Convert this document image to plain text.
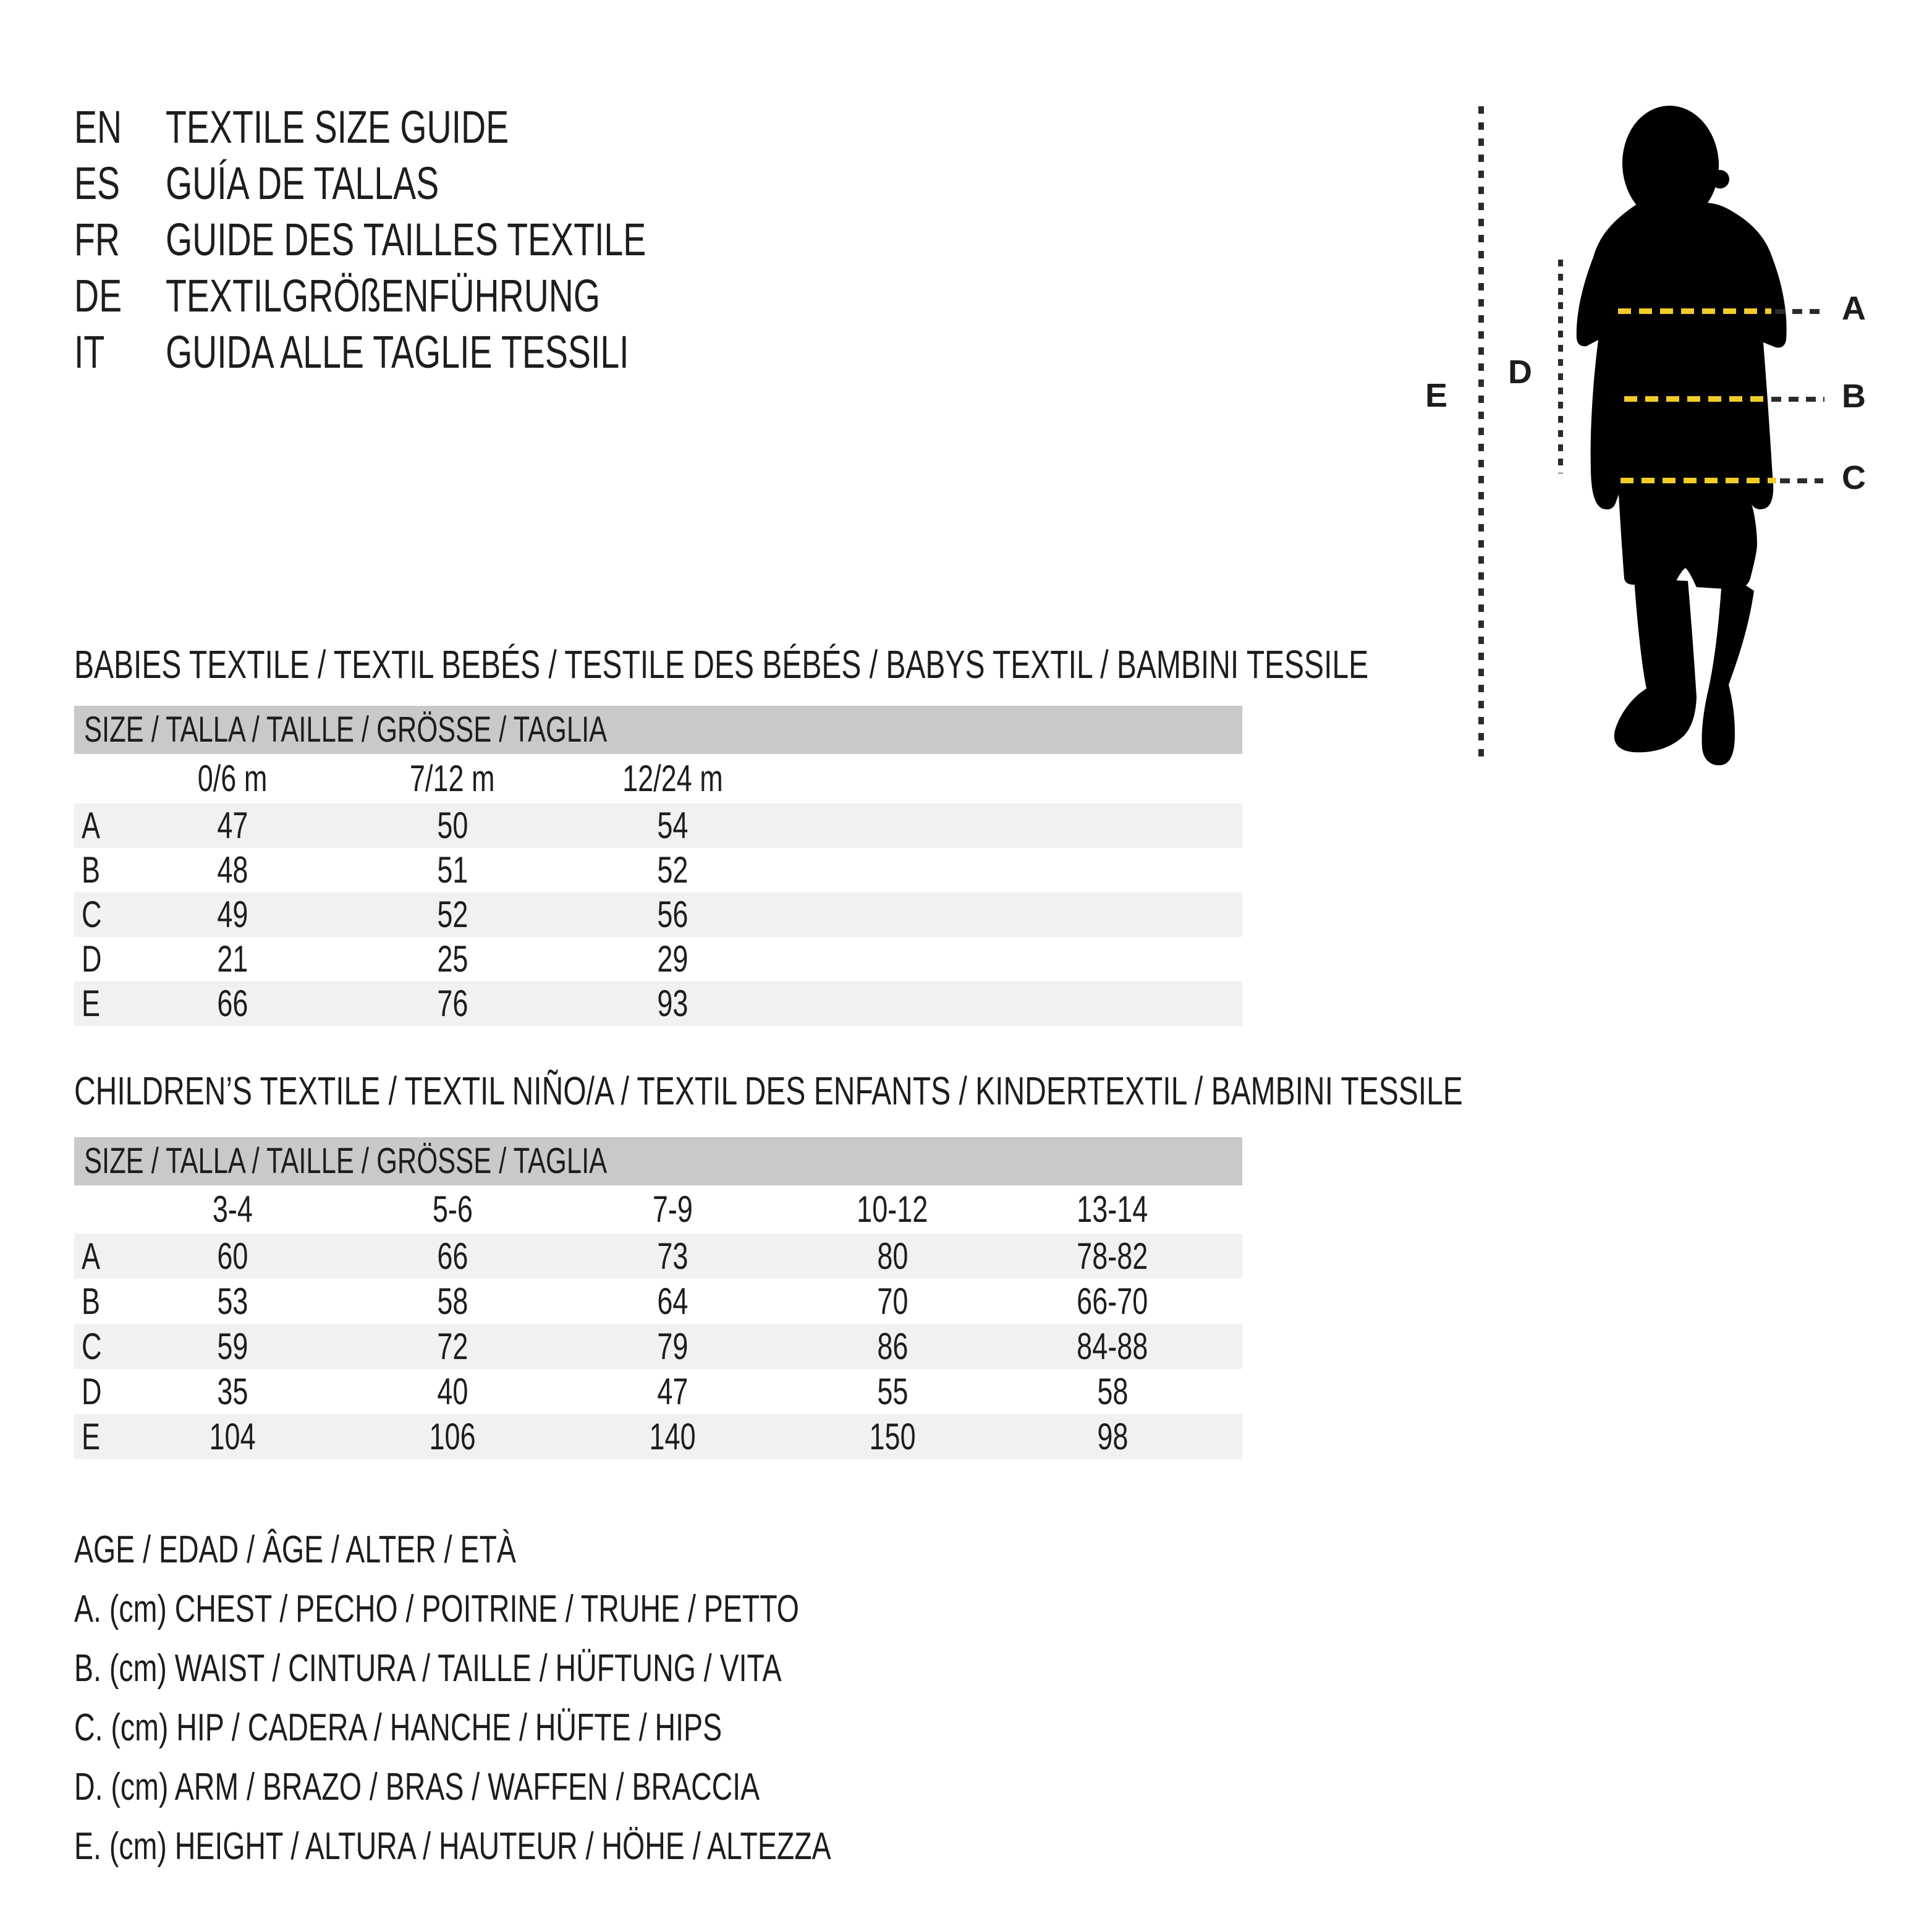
EN TEXTILE SIZE GUIDE
ES GUÍA DE TALLAS
FR	GUIDE DES TAILLES TEXTILE
DE TEXTILGRÖßENFÜHRUNG
IT	GUIDA ALLE TAGLIE TESSILI
A
B
C
D
E
BABIES TEXTILE / TEXTIL BEBÉS / TESTILE DES BÉBÉS / BABYS TEXTIL / BAMBINI TESSILE
SIZE / TALLA / TAILLE / GRÖSSE / TAGLIA
0/6 m	7/12 m	12/24 m
A	47	50	54
B	48	51	52
C	49	52	56
D	21	25	29
E	66	76	93
CHILDREN’S TEXTILE / TEXTIL NIÑO/A / TEXTIL DES ENFANTS / KINDERTEXTIL / BAMBINI TESSILE
SIZE / TALLA / TAILLE / GRÖSSE / TAGLIA
3-4	5-6	7-9	10-12	13-14
A	60	66	73	80	78-82
B	53	58	64	70	66-70
C	59	72	79	86	84-88
D	35	40	47	55	58
E	104	106	140	150	98
AGE / EDAD / ÂGE / ALTER / ETÀ
A. (cm) CHEST / PECHO / POITRINE / TRUHE / PETTO
B. (cm) WAIST / CINTURA / TAILLE / HÜFTUNG / VITA
C. (cm) HIP / CADERA / HANCHE / HÜFTE / HIPS
D. (cm) ARM / BRAZO / BRAS / WAFFEN / BRACCIA
E. (cm) HEIGHT / ALTURA / HAUTEUR / HÖHE / ALTEZZA
